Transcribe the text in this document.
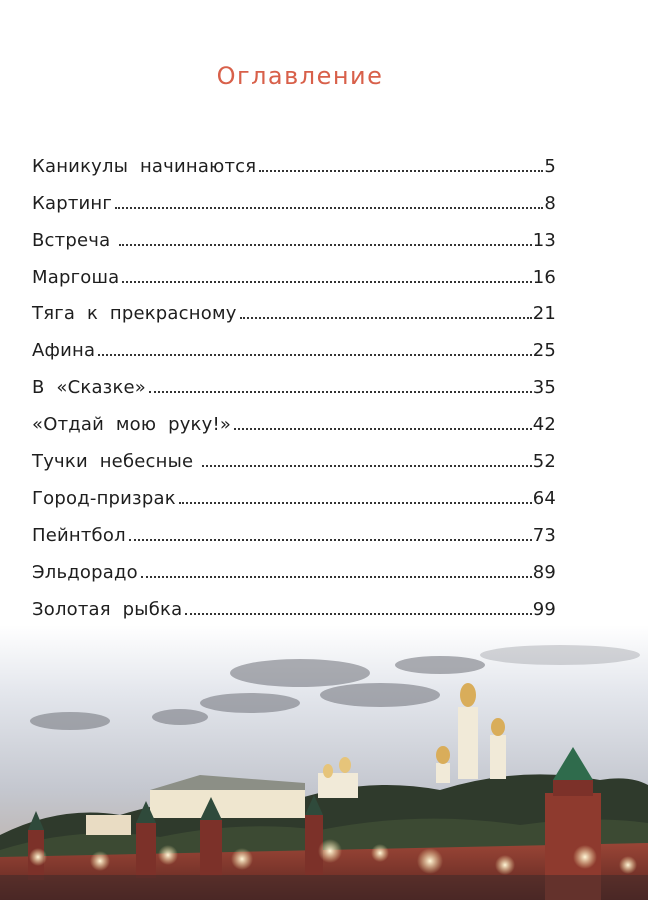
Оглавление
Каникулы  начинаются	5
Картинг	8
Встреча	13
Маргоша	16
Тяга  к  прекрасному	21
Афина	25
В  «Сказке»	35
«Отдай  мою  руку!»	42
Тучки  небесные	52
Город-призрак	64
Пейнтбол	73
Эльдорадо	89
Золотая  рыбка	99
